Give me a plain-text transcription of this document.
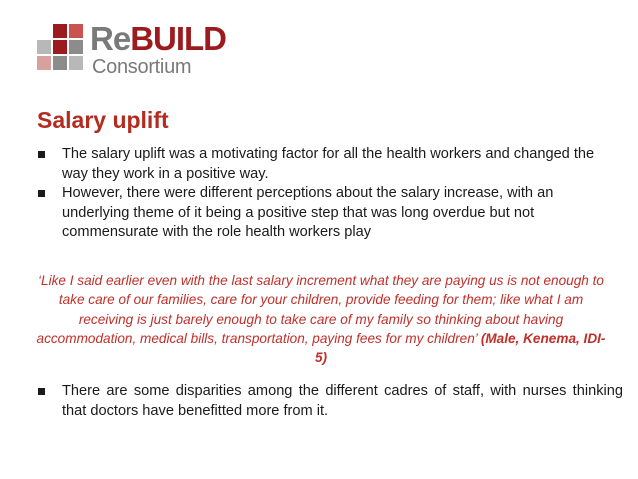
ReBUILD
Consortium
Salary uplift
The salary uplift was a motivating factor for all the health workers and changed the way they work in a positive way.
However, there were different perceptions about the salary increase, with an underlying theme of it being a positive step that was long overdue but not commensurate with the role health workers play
‘Like I said earlier even with the last salary increment what they are paying us is not enough to take care of our families, care for your children, provide feeding for them; like what I am receiving is just barely enough to take care of my family so thinking about having accommodation, medical bills, transportation, paying fees for my children’ (Male, Kenema, IDI-5)
There are some disparities among the different cadres of staff, with nurses thinking that doctors have benefitted more from it.
